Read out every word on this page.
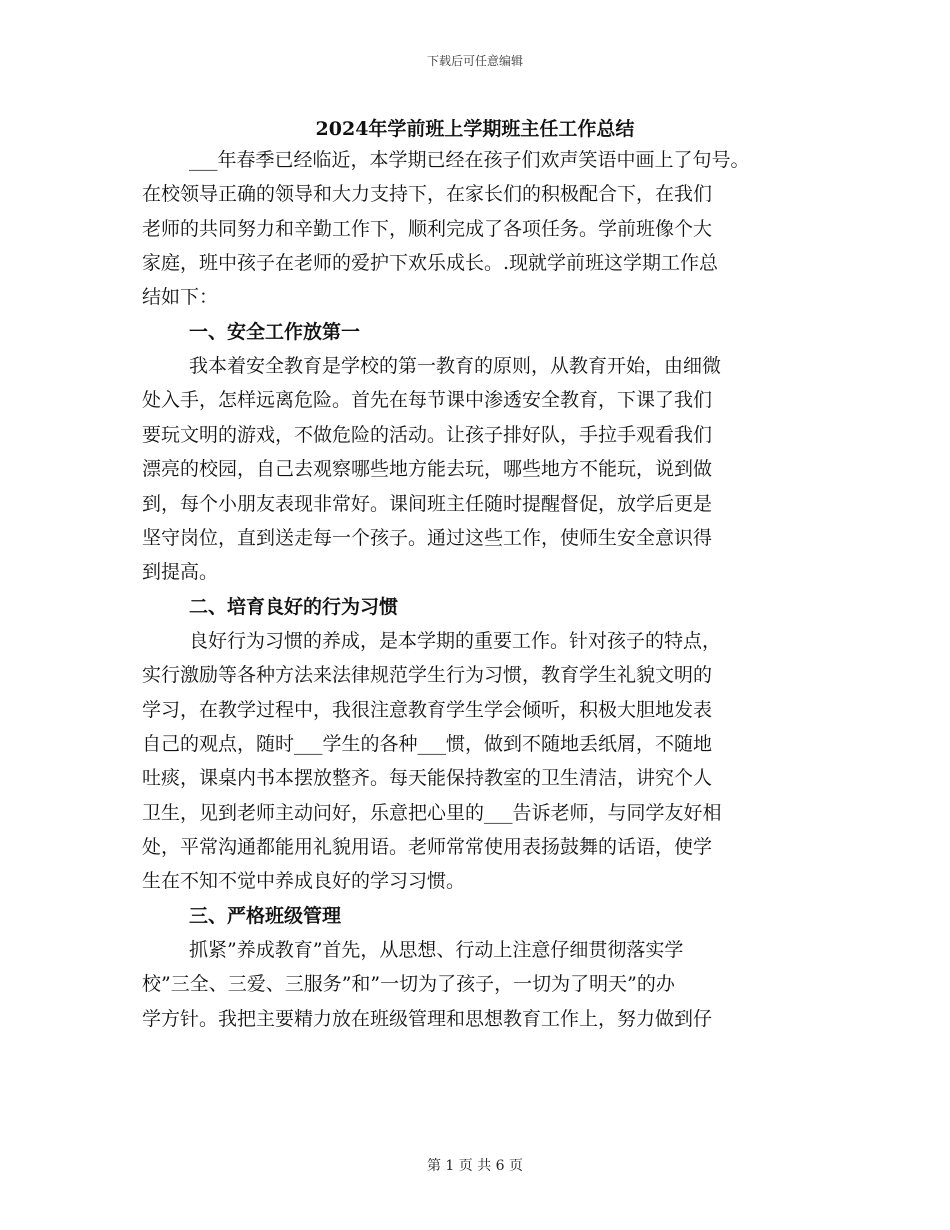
下载后可任意编辑
2024年学前班上学期班主任工作总结

___年春季已经临近，本学期已经在孩子们欢声笑语中画上了句号。

在校领导正确的领导和大力支持下，在家长们的积极配合下，在我们

老师的共同努力和辛勤工作下，顺利完成了各项任务。学前班像个大

家庭，班中孩子在老师的爱护下欢乐成长。.现就学前班这学期工作总

结如下：

一、安全工作放第一

我本着安全教育是学校的第一教育的原则，从教育开始，由细微

处入手，怎样远离危险。首先在每节课中渗透安全教育，下课了我们

要玩文明的游戏，不做危险的活动。让孩子排好队，手拉手观看我们

漂亮的校园，自己去观察哪些地方能去玩，哪些地方不能玩，说到做

到，每个小朋友表现非常好。课间班主任随时提醒督促，放学后更是

坚守岗位，直到送走每一个孩子。通过这些工作，使师生安全意识得

到提高。

二、培育良好的行为习惯

良好行为习惯的养成，是本学期的重要工作。针对孩子的特点，

实行激励等各种方法来法律规范学生行为习惯，教育学生礼貌文明的

学习，在教学过程中，我很注意教育学生学会倾听，积极大胆地发表

自己的观点，随时___学生的各种___惯，做到不随地丢纸屑，不随地

吐痰，课桌内书本摆放整齐。每天能保持教室的卫生清洁，讲究个人

卫生，见到老师主动问好，乐意把心里的___告诉老师，与同学友好相

处，平常沟通都能用礼貌用语。老师常常使用表扬鼓舞的话语，使学

生在不知不觉中养成良好的学习习惯。

三、严格班级管理

抓紧”养成教育”首先，从思想、行动上注意仔细贯彻落实学

校”三全、三爱、三服务”和”一切为了孩子，一切为了明天”的办

学方针。我把主要精力放在班级管理和思想教育工作上，努力做到仔

第 1 页 共 6 页
